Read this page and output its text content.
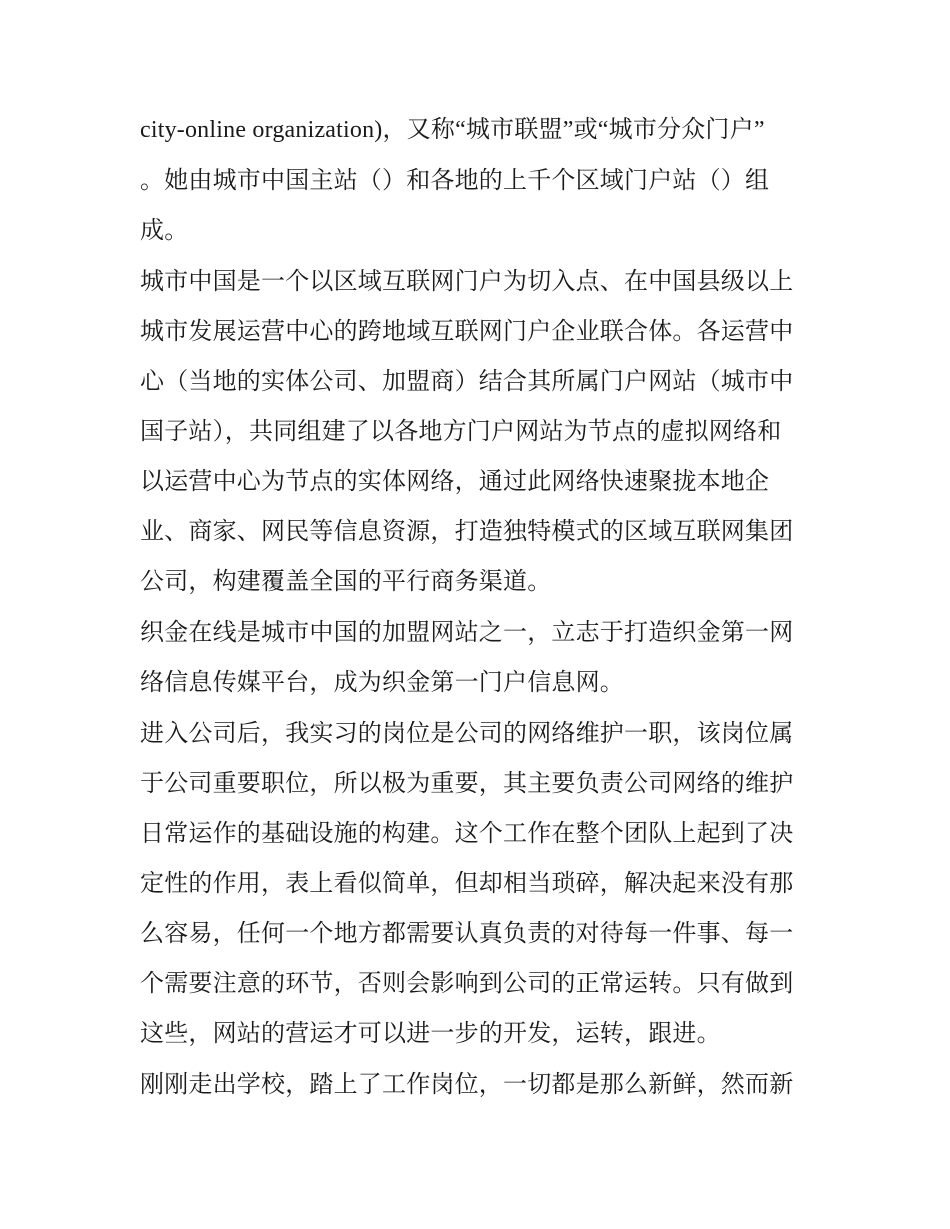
city-online organization)，又称“城市联盟”或“城市分众门户”
。她由城市中国主站（）和各地的上千个区域门户站（）组
成。
城市中国是一个以区域互联网门户为切入点、在中国县级以上
城市发展运营中心的跨地域互联网门户企业联合体。各运营中
心（当地的实体公司、加盟商）结合其所属门户网站（城市中
国子站），共同组建了以各地方门户网站为节点的虚拟网络和
以运营中心为节点的实体网络，通过此网络快速聚拢本地企
业、商家、网民等信息资源，打造独特模式的区域互联网集团
公司，构建覆盖全国的平行商务渠道。
织金在线是城市中国的加盟网站之一，立志于打造织金第一网
络信息传媒平台，成为织金第一门户信息网。
进入公司后，我实习的岗位是公司的网络维护一职，该岗位属
于公司重要职位，所以极为重要，其主要负责公司网络的维护
日常运作的基础设施的构建。这个工作在整个团队上起到了决
定性的作用，表上看似简单，但却相当琐碎，解决起来没有那
么容易，任何一个地方都需要认真负责的对待每一件事、每一
个需要注意的环节，否则会影响到公司的正常运转。只有做到
这些，网站的营运才可以进一步的开发，运转，跟进。
刚刚走出学校，踏上了工作岗位，一切都是那么新鲜，然而新
